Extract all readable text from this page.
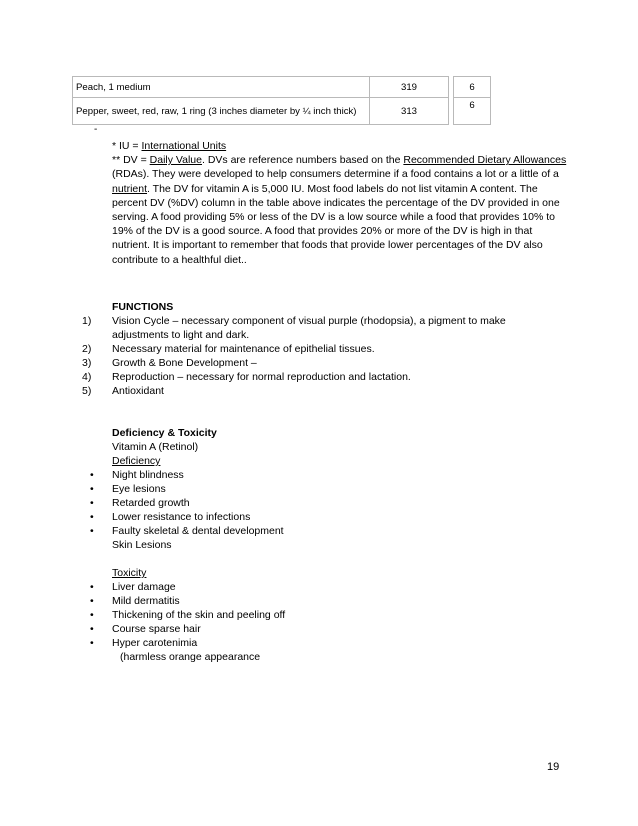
Peach, 1 medium	319		6
Pepper, sweet, red, raw, 1 ring (3 inches diameter by ¼ inch thick)	313		6
-

* IU = International Units

** DV = Daily Value. DVs are reference numbers based on the Recommended Dietary Allowances (RDAs). They were developed to help consumers determine if a food contains a lot or a little of a nutrient. The DV for vitamin A is 5,000 IU. Most food labels do not list vitamin A content. The percent DV (%DV) column in the table above indicates the percentage of the DV provided in one serving. A food providing 5% or less of the DV is a low source while a food that provides 10% to 19% of the DV is a good source. A food that provides 20% or more of the DV is high in that nutrient. It is important to remember that foods that provide lower percentages of the DV also contribute to a healthful diet..

FUNCTIONS
1) Vision Cycle – necessary component of visual purple (rhodopsia), a pigment to make adjustments to light and dark.
2) Necessary material for maintenance of epithelial tissues.
3) Growth & Bone Development –
4) Reproduction – necessary for normal reproduction and lactation.
5) Antioxidant
Deficiency & Toxicity
Vitamin A (Retinol)
Deficiency
• Night blindness
• Eye lesions
• Retarded growth
• Lower resistance to infections
• Faulty skeletal & dental development
Skin Lesions
Toxicity
• Liver damage
• Mild dermatitis
• Thickening of the skin and peeling off
• Course sparse hair
• Hyper carotenimia
(harmless orange appearance
19
